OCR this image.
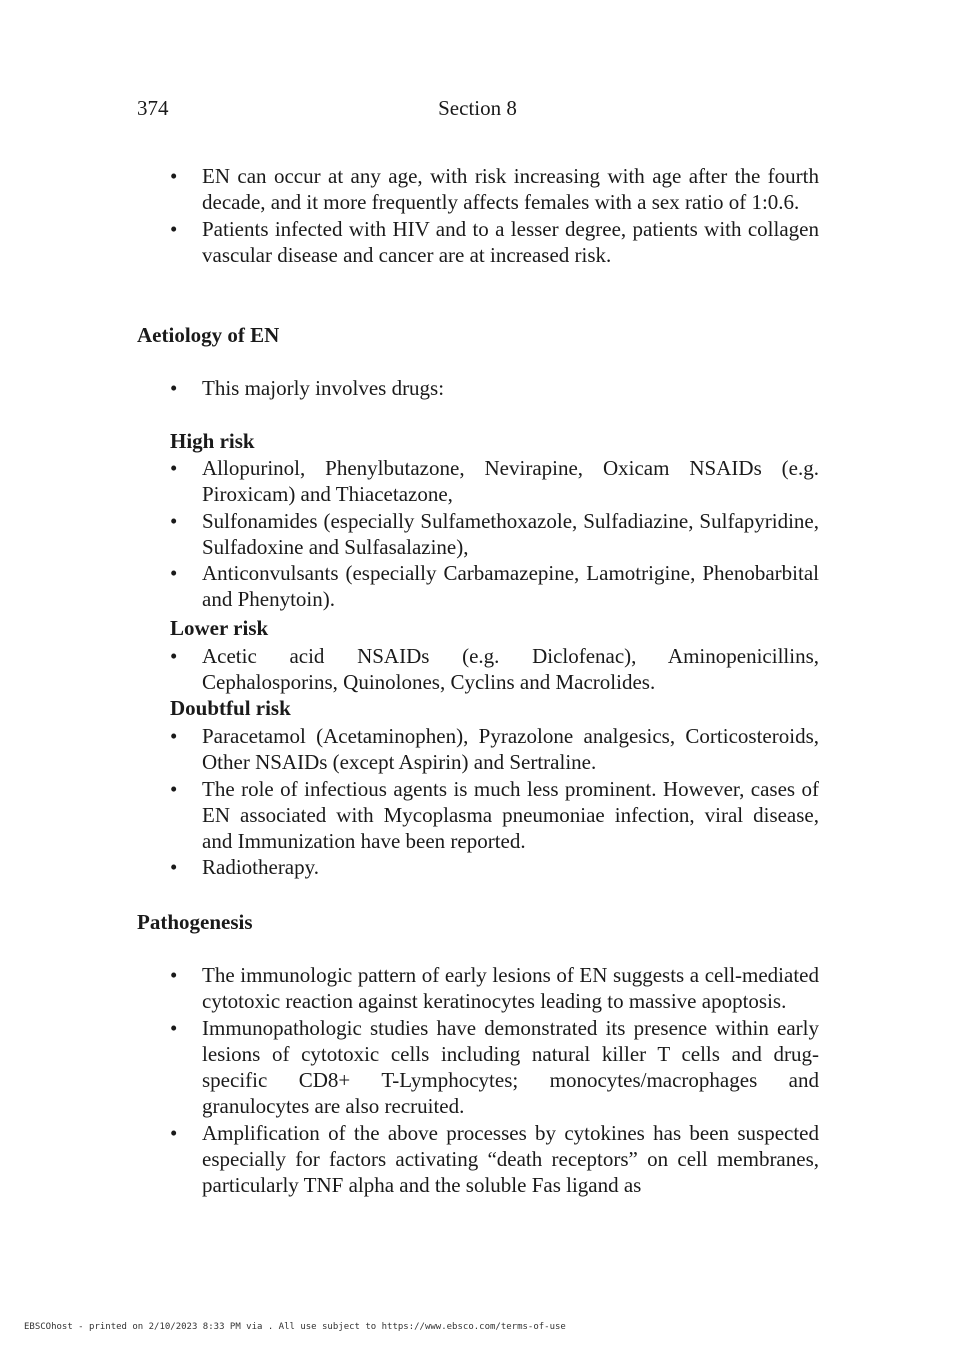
374	Section 8

• EN can occur at any age, with risk increasing with age after the fourth decade, and it more frequently affects females with a sex ratio of 1:0.6.

• Patients infected with HIV and to a lesser degree, patients with collagen vascular disease and cancer are at increased risk.

Aetiology of EN

• This majorly involves drugs:

High risk

• Allopurinol, Phenylbutazone, Nevirapine, Oxicam NSAIDs (e.g. Piroxicam) and Thiacetazone,

• Sulfonamides (especially Sulfamethoxazole, Sulfadiazine, Sulfapyridine, Sulfadoxine and Sulfasalazine),

• Anticonvulsants (especially Carbamazepine, Lamotrigine, Phenobarbital and Phenytoin).

Lower risk

• Acetic acid NSAIDs (e.g. Diclofenac), Aminopenicillins, Cephalosporins, Quinolones, Cyclins and Macrolides.

Doubtful risk

• Paracetamol (Acetaminophen), Pyrazolone analgesics, Corticosteroids, Other NSAIDs (except Aspirin) and Sertraline.

• The role of infectious agents is much less prominent. However, cases of EN associated with Mycoplasma pneumoniae infection, viral disease, and Immunization have been reported.

• Radiotherapy.

Pathogenesis

• The immunologic pattern of early lesions of EN suggests a cell-mediated cytotoxic reaction against keratinocytes leading to massive apoptosis.

• Immunopathologic studies have demonstrated its presence within early lesions of cytotoxic cells including natural killer T cells and drug-specific CD8+ T-Lymphocytes; monocytes/macrophages and granulocytes are also recruited.

• Amplification of the above processes by cytokines has been suspected especially for factors activating “death receptors” on cell membranes, particularly TNF alpha and the soluble Fas ligand as

EBSCOhost - printed on 2/10/2023 8:33 PM via . All use subject to https://www.ebsco.com/terms-of-use
